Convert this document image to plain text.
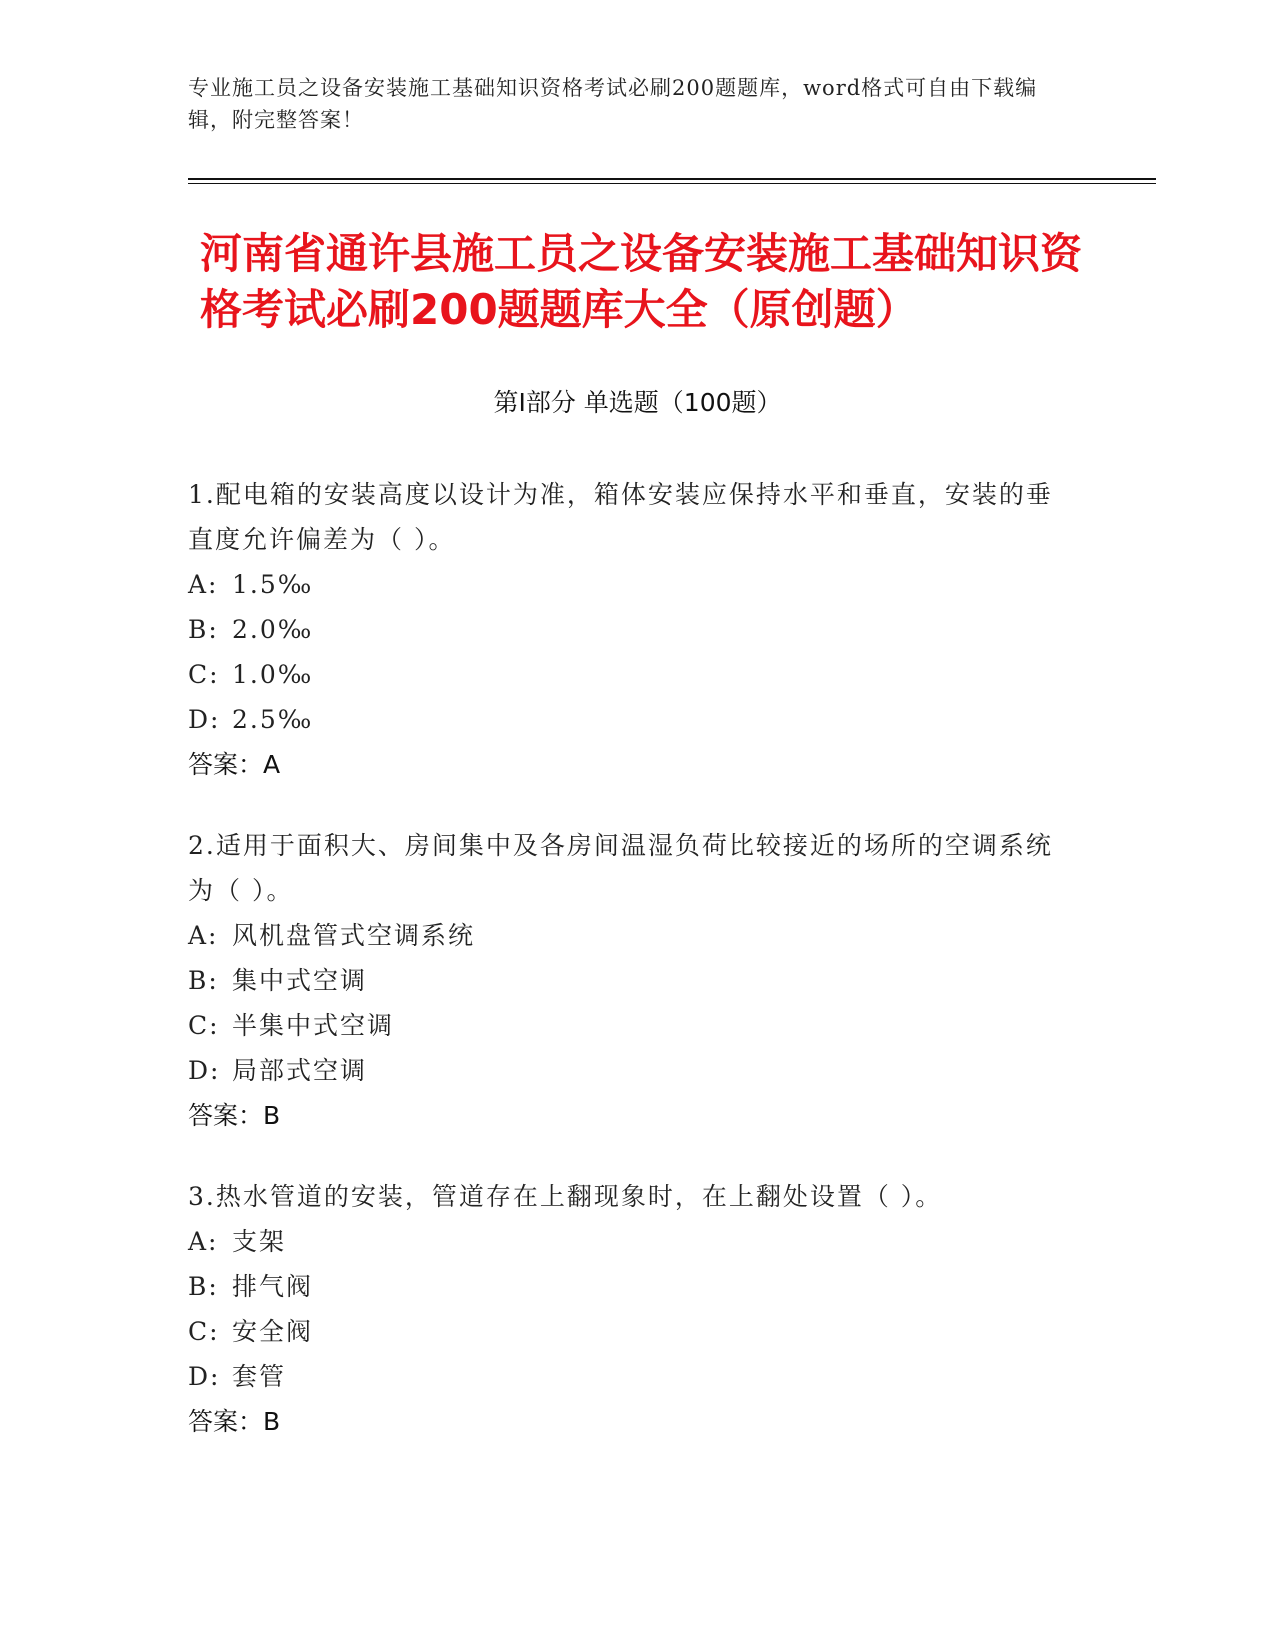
专业施工员之设备安装施工基础知识资格考试必刷200题题库，word格式可自由下载编辑，附完整答案！
河南省通许县施工员之设备安装施工基础知识资格考试必刷200题题库大全（原创题）
第Ⅰ部分 单选题（100题）

1.配电箱的安装高度以设计为准，箱体安装应保持水平和垂直，安装的垂直度允许偏差为（ ）。

A: 1.5‰

B: 2.0‰

C: 1.0‰

D: 2.5‰

答案：A

2.适用于面积大、房间集中及各房间温湿负荷比较接近的场所的空调系统为（ ）。

A: 风机盘管式空调系统

B: 集中式空调

C: 半集中式空调

D: 局部式空调

答案：B

3.热水管道的安装，管道存在上翻现象时，在上翻处设置（ ）。

A: 支架

B: 排气阀

C: 安全阀

D: 套管

答案：B
